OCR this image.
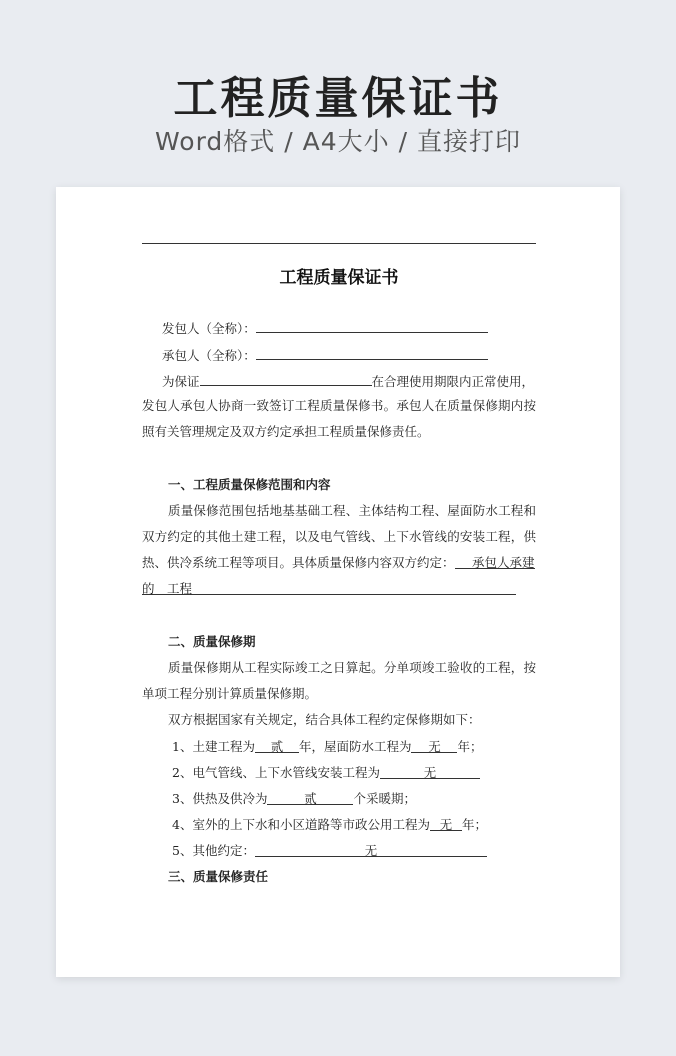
工程质量保证书
Word格式 / A4大小 / 直接打印
工程质量保证书
发包人（全称）：
承包人（全称）：
为保证	在合理使用期限内正常使用，
发包人承包人协商一致签订工程质量保修书。承包人在质量保修期内按
照有关管理规定及双方约定承担工程质量保修责任。
一、工程质量保修范围和内容
质量保修范围包括地基基础工程、主体结构工程、屋面防水工程和
双方约定的其他土建工程，以及电气管线、上下水管线的安装工程，供
热、供冷系统工程等项目。具体质量保修内容双方约定： 承包人承建
的　工程
二、质量保修期
质量保修期从工程实际竣工之日算起。分单项竣工验收的工程，按
单项工程分别计算质量保修期。
双方根据国家有关规定，结合具体工程约定保修期如下：
1、土建工程为 贰 年，屋面防水工程为 无 年；
2、电气管线、上下水管线安装工程为	无
3、供热及供冷为	贰	个采暖期；
4、室外的上下水和小区道路等市政公用工程为 无 年；
5、其他约定：	无
三、质量保修责任
